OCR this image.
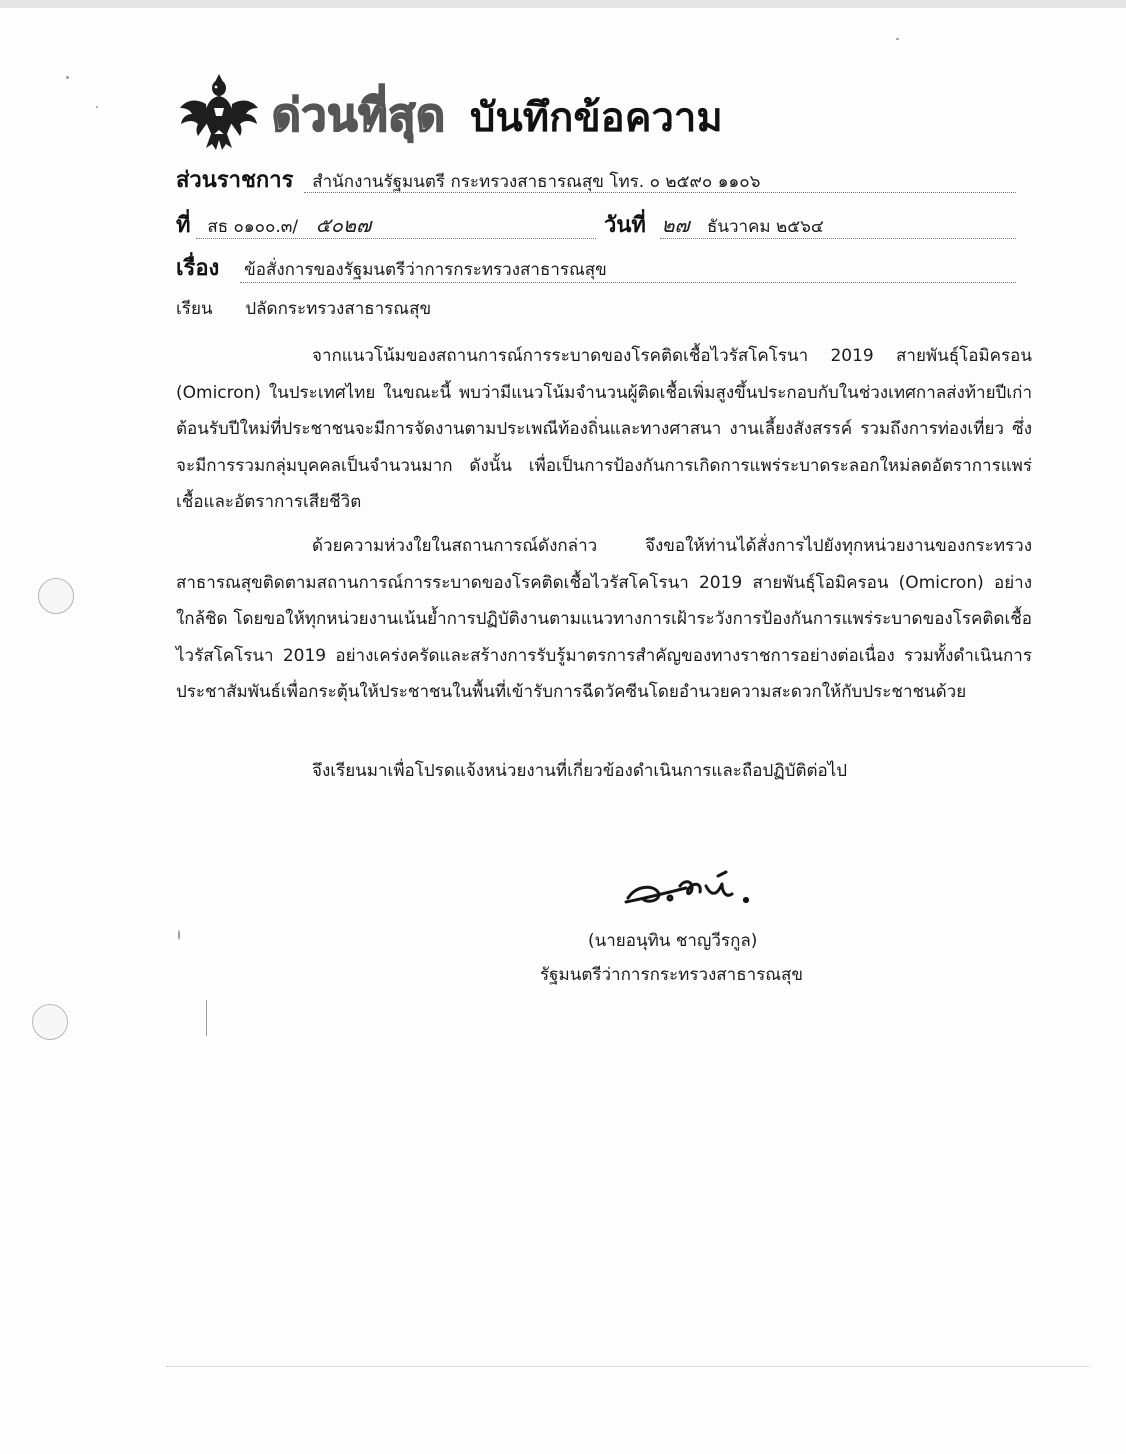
ด่วนที่สุด บันทึกข้อความ
ส่วนราชการ สำนักงานรัฐมนตรี กระทรวงสาธารณสุข โทร. ๐ ๒๕๙๐ ๑๑๐๖
ที่ สธ ๐๑๐๐.๓/ ๕๐๒๗	วันที่ ๒๗ ธันวาคม ๒๕๖๔
เรื่อง ข้อสั่งการของรัฐมนตรีว่าการกระทรวงสาธารณสุข
เรียน ปลัดกระทรวงสาธารณสุข
จากแนวโน้มของสถานการณ์การระบาดของโรคติดเชื้อไวรัสโคโรนา 2019 สายพันธุ์โอมิครอน (Omicron) ในประเทศไทย ในขณะนี้ พบว่ามีแนวโน้มจำนวนผู้ติดเชื้อเพิ่มสูงขึ้นประกอบกับในช่วงเทศกาลส่งท้ายปีเก่าต้อนรับปีใหม่ที่ประชาชนจะมีการจัดงานตามประเพณีท้องถิ่นและทางศาสนา งานเลี้ยงสังสรรค์ รวมถึงการท่องเที่ยว ซึ่งจะมีการรวมกลุ่มบุคคลเป็นจำนวนมาก ดังนั้น เพื่อเป็นการป้องกันการเกิดการแพร่ระบาดระลอกใหม่ลดอัตราการแพร่เชื้อและอัตราการเสียชีวิต
ด้วยความห่วงใยในสถานการณ์ดังกล่าว จึงขอให้ท่านได้สั่งการไปยังทุกหน่วยงานของกระทรวงสาธารณสุขติดตามสถานการณ์การระบาดของโรคติดเชื้อไวรัสโคโรนา 2019 สายพันธุ์โอมิครอน (Omicron) อย่างใกล้ชิด โดยขอให้ทุกหน่วยงานเน้นย้ำการปฏิบัติงานตามแนวทางการเฝ้าระวังการป้องกันการแพร่ระบาดของโรคติดเชื้อไวรัสโคโรนา 2019 อย่างเคร่งครัดและสร้างการรับรู้มาตรการสำคัญของทางราชการอย่างต่อเนื่อง รวมทั้งดำเนินการประชาสัมพันธ์เพื่อกระตุ้นให้ประชาชนในพื้นที่เข้ารับการฉีดวัคซีนโดยอำนวยความสะดวกให้กับประชาชนด้วย
จึงเรียนมาเพื่อโปรดแจ้งหน่วยงานที่เกี่ยวข้องดำเนินการและถือปฏิบัติต่อไป
(นายอนุทิน ชาญวีรกูล)
รัฐมนตรีว่าการกระทรวงสาธารณสุข
